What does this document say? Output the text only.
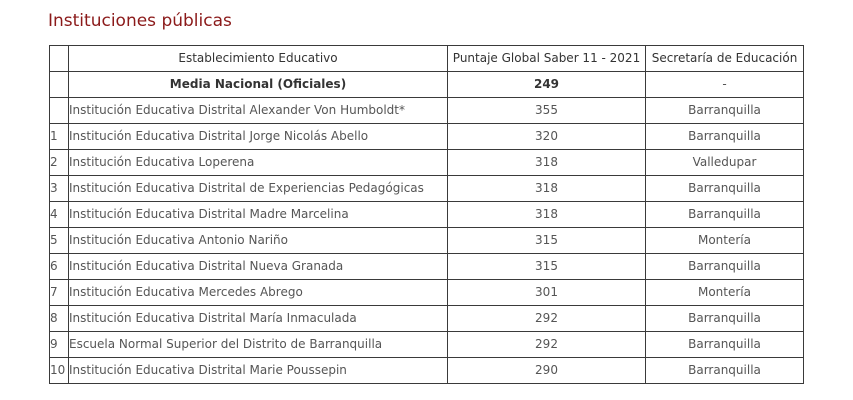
Instituciones públicas
	Establecimiento Educativo	Puntaje Global Saber 11 - 2021	Secretaría de Educación
	Media Nacional (Oficiales)	249	-
	Institución Educativa Distrital Alexander Von Humboldt*	355	Barranquilla
1	Institución Educativa Distrital Jorge Nicolás Abello	320	Barranquilla
2	Institución Educativa Loperena	318	Valledupar
3	Institución Educativa Distrital de Experiencias Pedagógicas	318	Barranquilla
4	Institución Educativa Distrital Madre Marcelina	318	Barranquilla
5	Institución Educativa Antonio Nariño	315	Montería
6	Institución Educativa Distrital Nueva Granada	315	Barranquilla
7	Institución Educativa Mercedes Abrego	301	Montería
8	Institución Educativa Distrital María Inmaculada	292	Barranquilla
9	Escuela Normal Superior del Distrito de Barranquilla	292	Barranquilla
10	Institución Educativa Distrital Marie Poussepin	290	Barranquilla
